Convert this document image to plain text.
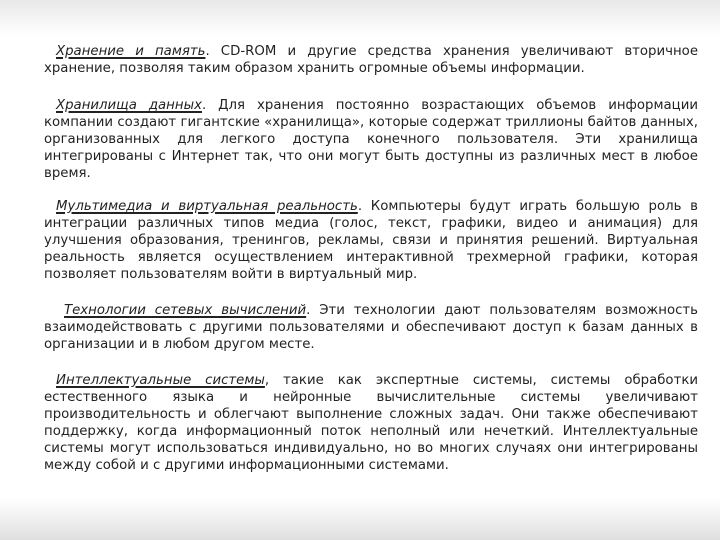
Хранение и память. CD-ROM и другие средства хранения увеличивают вторичное хранение, позволяя таким образом хранить огромные объемы информации.

Хранилища данных. Для хранения постоянно возрастающих объемов информации компании создают гигантские «хранилища», которые содержат триллионы байтов данных, организованных для легкого доступа конечного пользователя. Эти хранилища интегрированы с Интернет так, что они могут быть доступны из различных мест в любое время.

Мультимедиа и виртуальная реальность. Компьютеры будут играть большую роль в интеграции различных типов медиа (голос, текст, графики, видео и анимация) для улучшения образования, тренингов, рекламы, связи и принятия решений. Виртуальная реальность является осуществлением интерактивной трехмерной графики, которая позволяет пользователям войти в виртуальный мир.

Технологии сетевых вычислений. Эти технологии дают пользователям возможность взаимодействовать с другими пользователями и обеспечивают доступ к базам данных в организации и в любом другом месте.

Интеллектуальные системы, такие как экспертные системы, системы обработки естественного языка и нейронные вычислительные системы увеличивают производительность и облегчают выполнение сложных задач. Они также обеспечивают поддержку, когда информационный поток неполный или нечеткий. Интеллектуальные системы могут использоваться индивидуально, но во многих случаях они интегрированы между собой и с другими информационными системами.
